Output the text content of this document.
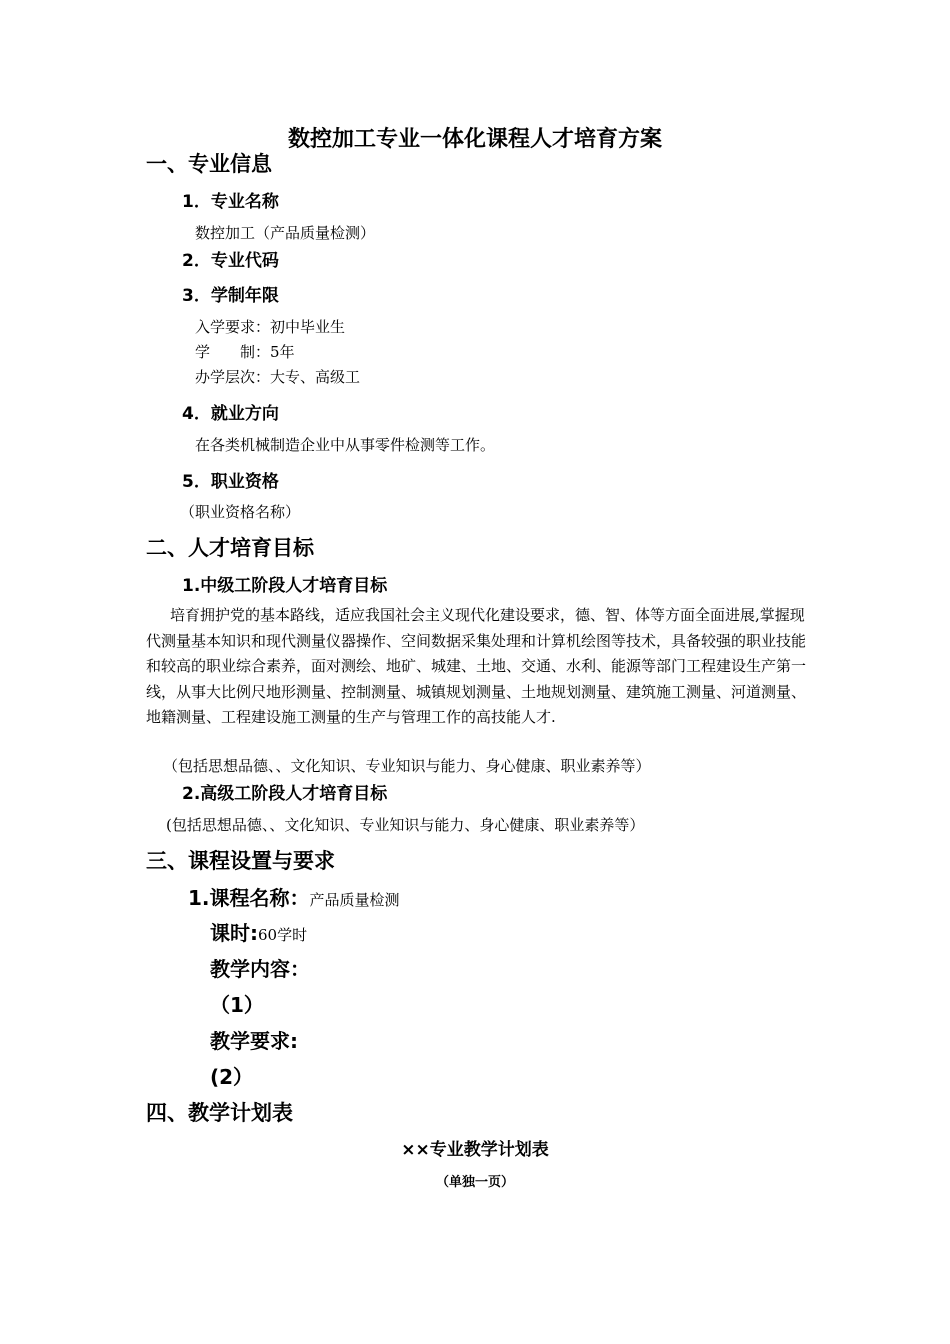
数控加工专业一体化课程人才培育方案
一、专业信息
1．专业名称
数控加工（产品质量检测）
2．专业代码
3．学制年限
入学要求：初中毕业生
学 制：5年
办学层次：大专、高级工
4．就业方向
在各类机械制造企业中从事零件检测等工作。
5．职业资格
（职业资格名称）
二、人才培育目标
1.中级工阶段人才培育目标
培育拥护党的基本路线，适应我国社会主义现代化建设要求，德、智、体等方面全面进展,掌握现代测量基本知识和现代测量仪器操作、空间数据采集处理和计算机绘图等技术，具备较强的职业技能和较高的职业综合素养，面对测绘、地矿、城建、土地、交通、水利、能源等部门工程建设生产第一线，从事大比例尺地形测量、控制测量、城镇规划测量、土地规划测量、建筑施工测量、河道测量、地籍测量、工程建设施工测量的生产与管理工作的高技能人才.
（包括思想品德、、文化知识、专业知识与能力、身心健康、职业素养等）
2.高级工阶段人才培育目标
(包括思想品德、、文化知识、专业知识与能力、身心健康、职业素养等）
三、课程设置与要求
1.课程名称：产品质量检测
课时:60学时
教学内容：
（1）
教学要求:
(2）
四、教学计划表
××专业教学计划表
（单独一页）
